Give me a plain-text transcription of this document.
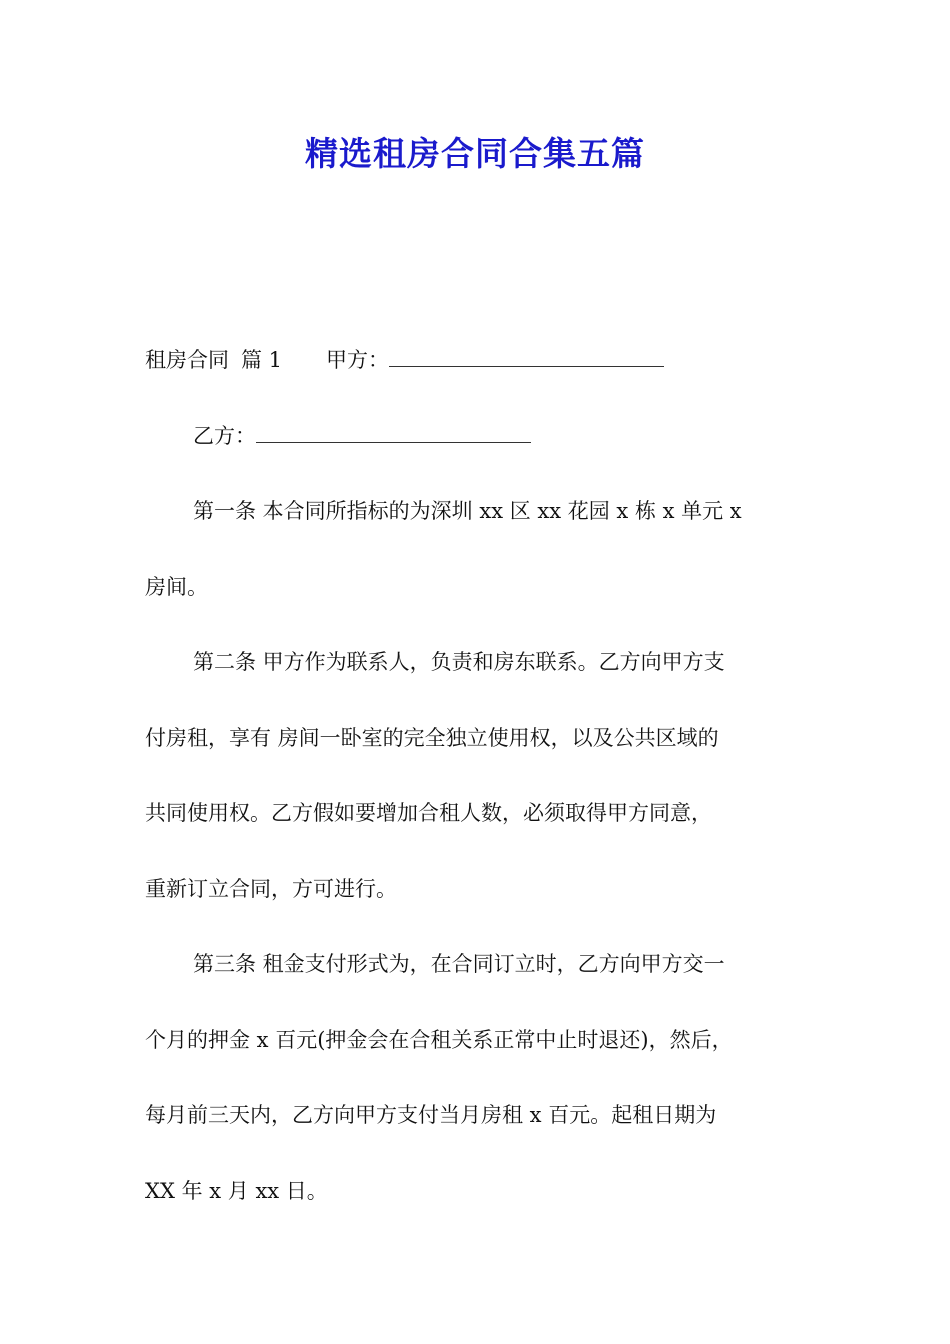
精选租房合同合集五篇
租房合同 篇 1 甲方：
乙方：
第一条 本合同所指标的为深圳 xx 区 xx 花园 x 栋 x 单元 x
房间。
第二条 甲方作为联系人，负责和房东联系。乙方向甲方支
付房租，享有 房间一卧室的完全独立使用权，以及公共区域的
共同使用权。乙方假如要增加合租人数，必须取得甲方同意，
重新订立合同，方可进行。
第三条 租金支付形式为，在合同订立时，乙方向甲方交一
个月的押金 x 百元(押金会在合租关系正常中止时退还)，然后，
每月前三天内，乙方向甲方支付当月房租 x 百元。起租日期为
XX 年 x 月 xx 日。
